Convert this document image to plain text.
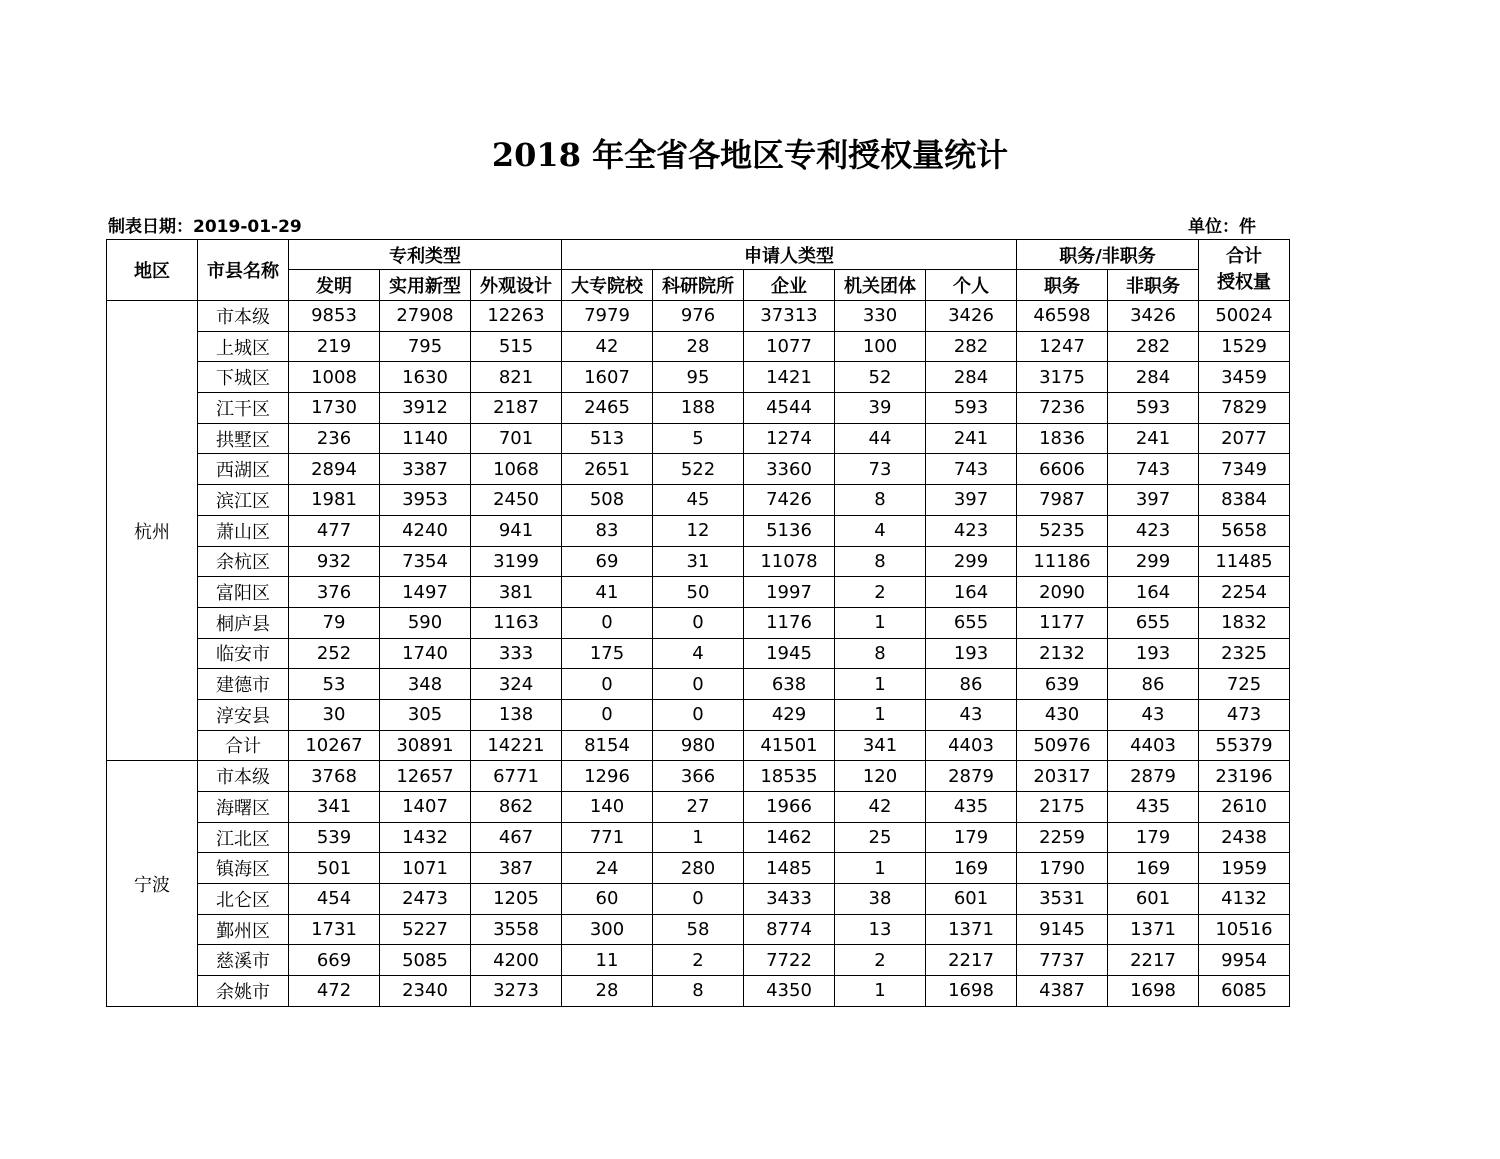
2018 年全省各地区专利授权量统计
制表日期：2019-01-29	单位：件
地区	市县名称	专利类型			申请人类型					职务/非职务		合计
授权量
		发明	实用新型	外观设计	大专院校	科研院所	企业	机关团体	个人	职务	非职务	
杭州	市本级	9853	27908	12263	7979	976	37313	330	3426	46598	3426	50024
	上城区	219	795	515	42	28	1077	100	282	1247	282	1529
	下城区	1008	1630	821	1607	95	1421	52	284	3175	284	3459
	江干区	1730	3912	2187	2465	188	4544	39	593	7236	593	7829
	拱墅区	236	1140	701	513	5	1274	44	241	1836	241	2077
	西湖区	2894	3387	1068	2651	522	3360	73	743	6606	743	7349
	滨江区	1981	3953	2450	508	45	7426	8	397	7987	397	8384
	萧山区	477	4240	941	83	12	5136	4	423	5235	423	5658
	余杭区	932	7354	3199	69	31	11078	8	299	11186	299	11485
	富阳区	376	1497	381	41	50	1997	2	164	2090	164	2254
	桐庐县	79	590	1163	0	0	1176	1	655	1177	655	1832
	临安市	252	1740	333	175	4	1945	8	193	2132	193	2325
	建德市	53	348	324	0	0	638	1	86	639	86	725
	淳安县	30	305	138	0	0	429	1	43	430	43	473
	合计	10267	30891	14221	8154	980	41501	341	4403	50976	4403	55379
宁波	市本级	3768	12657	6771	1296	366	18535	120	2879	20317	2879	23196
	海曙区	341	1407	862	140	27	1966	42	435	2175	435	2610
	江北区	539	1432	467	771	1	1462	25	179	2259	179	2438
	镇海区	501	1071	387	24	280	1485	1	169	1790	169	1959
	北仑区	454	2473	1205	60	0	3433	38	601	3531	601	4132
	鄞州区	1731	5227	3558	300	58	8774	13	1371	9145	1371	10516
	慈溪市	669	5085	4200	11	2	7722	2	2217	7737	2217	9954
	余姚市	472	2340	3273	28	8	4350	1	1698	4387	1698	6085
